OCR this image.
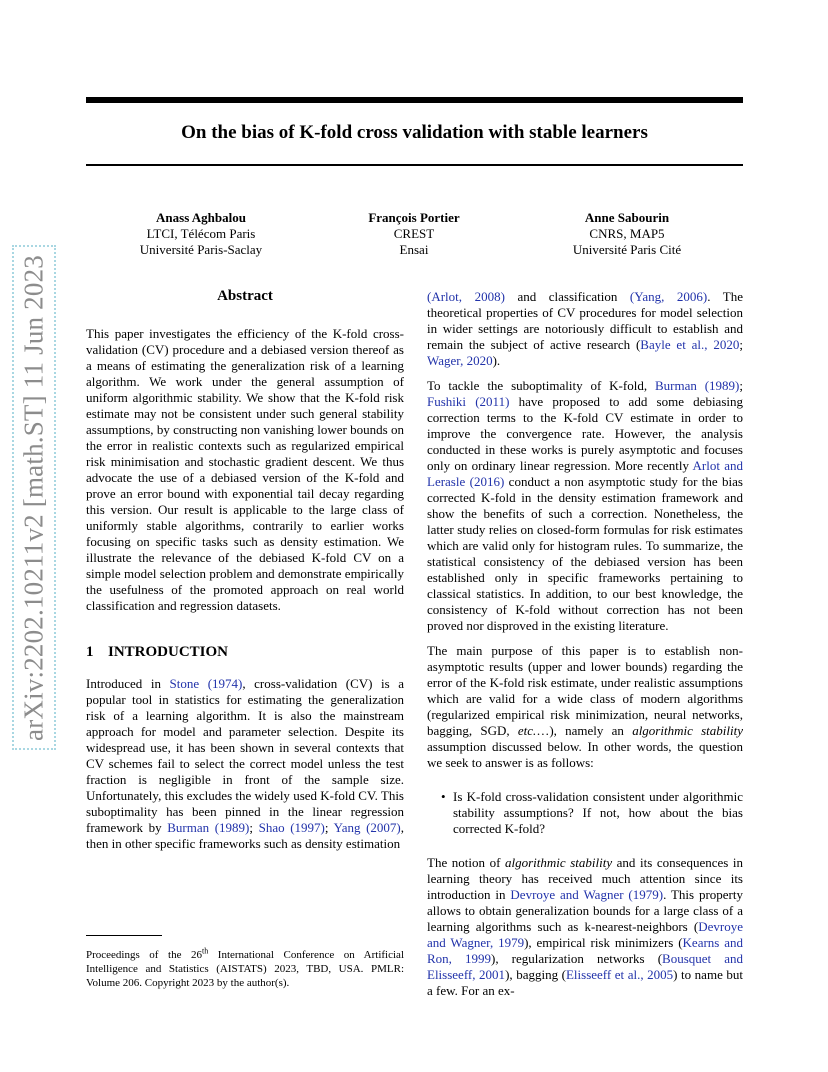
On the bias of K-fold cross validation with stable learners
Anass Aghbalou
LTCI, Télécom Paris
Université Paris-Saclay
François Portier
CREST
Ensai
Anne Sabourin
CNRS, MAP5
Université Paris Cité
arXiv:2202.10211v2 [math.ST] 11 Jun 2023	Abstract

This paper investigates the efficiency of the K-fold cross-validation (CV) procedure and a debiased version thereof as a means of estimating the generalization risk of a learning algorithm. We work under the general assumption of uniform algorithmic stability. We show that the K-fold risk estimate may not be consistent under such general stability assumptions, by constructing non vanishing lower bounds on the error in realistic contexts such as regularized empirical risk minimisation and stochastic gradient descent. We thus advocate the use of a debiased version of the K-fold and prove an error bound with exponential tail decay regarding this version. Our result is applicable to the large class of uniformly stable algorithms, contrarily to earlier works focusing on specific tasks such as density estimation. We illustrate the relevance of the debiased K-fold CV on a simple model selection problem and demonstrate empirically the usefulness of the promoted approach on real world classification and regression datasets.

1 INTRODUCTION

Introduced in Stone (1974), cross-validation (CV) is a popular tool in statistics for estimating the generalization risk of a learning algorithm. It is also the mainstream approach for model and parameter selection. Despite its widespread use, it has been shown in several contexts that CV schemes fail to select the correct model unless the test fraction is negligible in front of the sample size. Unfortunately, this excludes the widely used K-fold CV. This suboptimality has been pinned in the linear regression framework by Burman (1989); Shao (1997); Yang (2007), then in other specific frameworks such as density estimation

(Arlot, 2008) and classification (Yang, 2006). The theoretical properties of CV procedures for model selection in wider settings are notoriously difficult to establish and remain the subject of active research (Bayle et al., 2020; Wager, 2020).

To tackle the suboptimality of K-fold, Burman (1989); Fushiki (2011) have proposed to add some debiasing correction terms to the K-fold CV estimate in order to improve the convergence rate. However, the analysis conducted in these works is purely asymptotic and focuses only on ordinary linear regression. More recently Arlot and Lerasle (2016) conduct a non asymptotic study for the bias corrected K-fold in the density estimation framework and show the benefits of such a correction. Nonetheless, the latter study relies on closed-form formulas for risk estimates which are valid only for histogram rules. To summarize, the statistical consistency of the debiased version has been established only in specific frameworks pertaining to classical statistics. In addition, to our best knowledge, the consistency of K-fold without correction has not been proved nor disproved in the existing literature.

The main purpose of this paper is to establish non-asymptotic results (upper and lower bounds) regarding the error of the K-fold risk estimate, under realistic assumptions which are valid for a wide class of modern algorithms (regularized empirical risk minimization, neural networks, bagging, SGD, etc.…), namely an algorithmic stability assumption discussed below. In other words, the question we seek to answer is as follows:

• Is K-fold cross-validation consistent under algorithmic stability assumptions? If not, how about the bias corrected K-fold?

The notion of algorithmic stability and its consequences in learning theory has received much attention since its introduction in Devroye and Wagner (1979). This property allows to obtain generalization bounds for a large class of a learning algorithms such as k-nearest-neighbors (Devroye and Wagner, 1979), empirical risk minimizers (Kearns and Ron, 1999), regularization networks (Bousquet and Elisseeff, 2001), bagging (Elisseeff et al., 2005) to name but a few. For an ex-

Proceedings of the 26th International Conference on Artificial Intelligence and Statistics (AISTATS) 2023, TBD, USA. PMLR: Volume 206. Copyright 2023 by the author(s).
